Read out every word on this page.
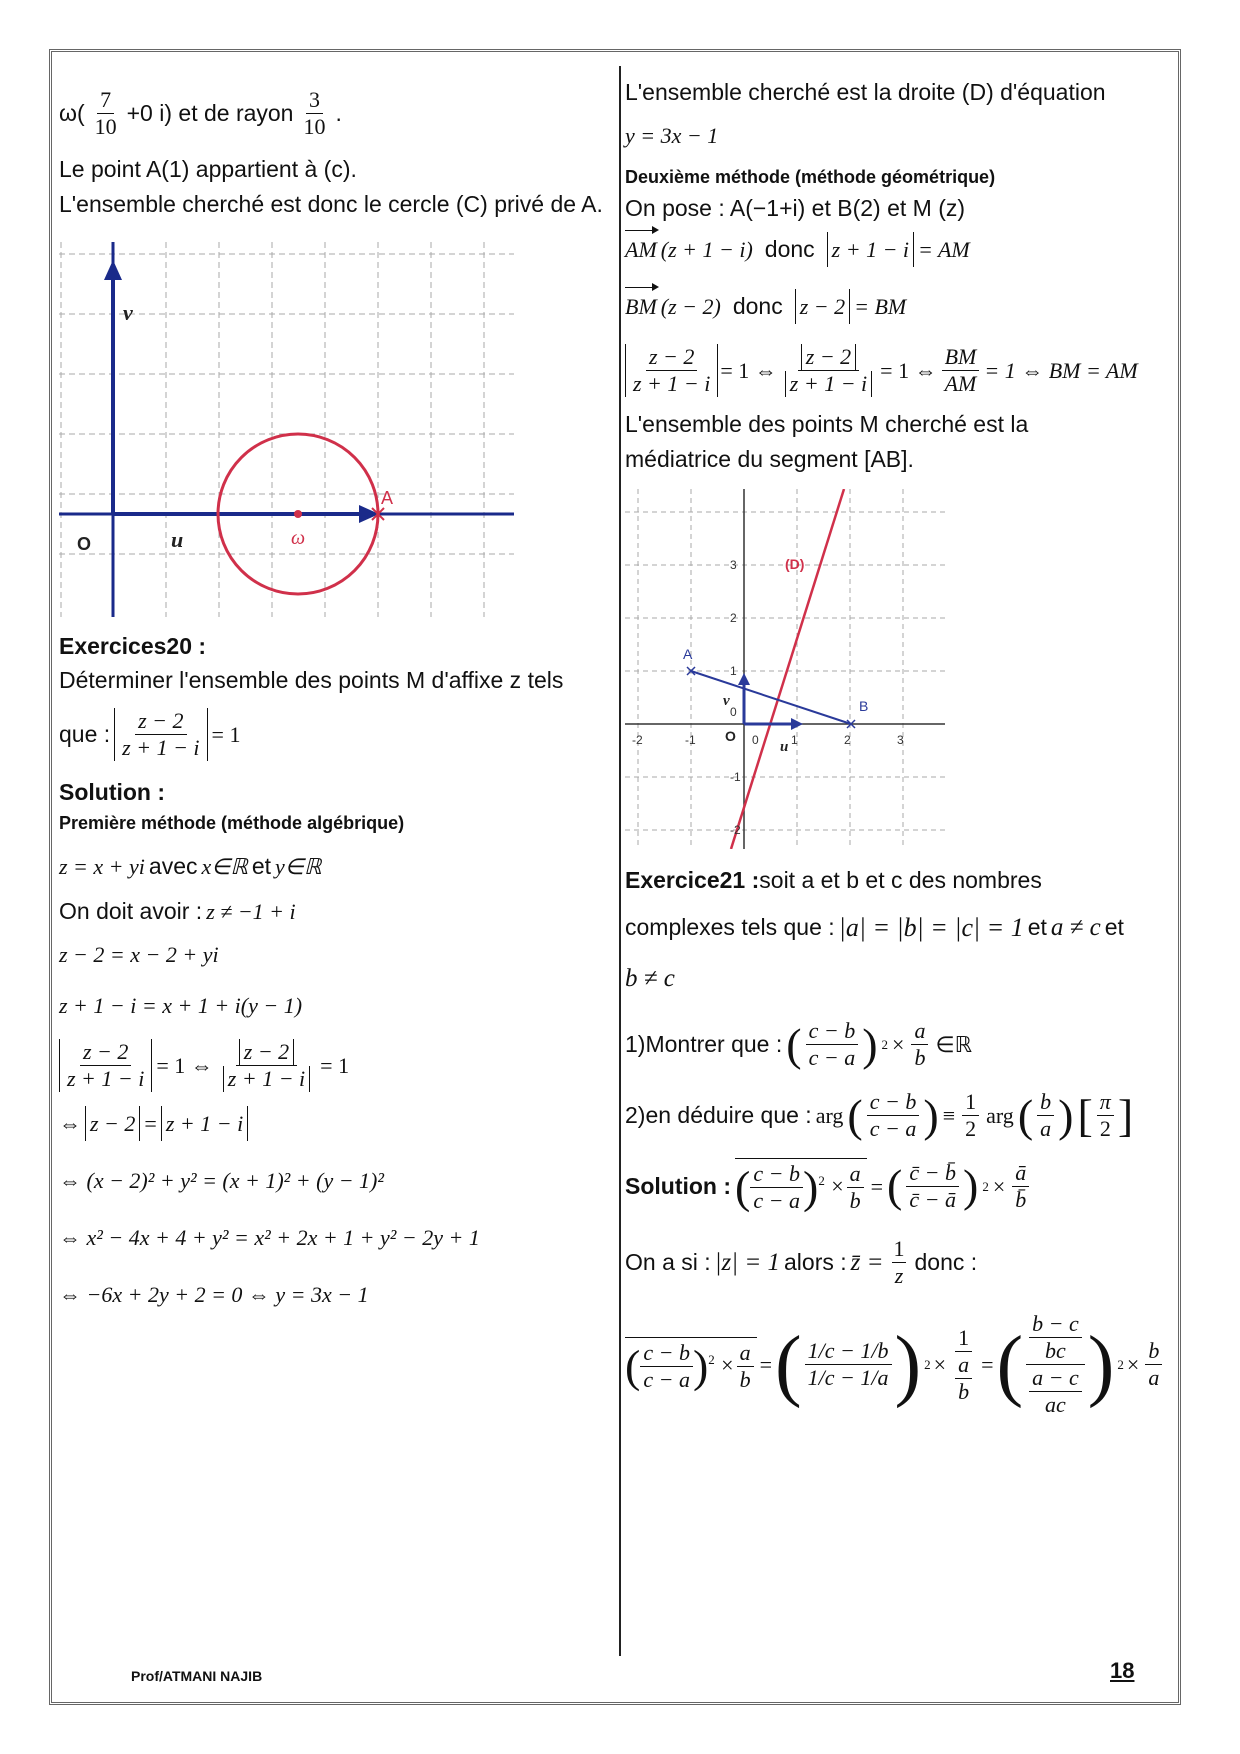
$\omega( \frac{7}{10} +0$ i) et de rayon $\frac{3}{10}$ .

Le point A(1) appartient à (c).

L'ensemble cherché est donc le cercle (C) privé de A.

v
u
O	ω
A

Exercices20 :

Déterminer l'ensemble des points M d'affixe z tels

que : $\frac{z - 2}{z + 1 - i} = 1$

Solution :

Première méthode (méthode algébrique)

z = x + yi avec x∈ℝ et y∈ℝ
On doit avoir : z ≠ −1 + i

z − 2 = x − 2 + yi

z + 1 − i = x + 1 + i(y − 1)

$\frac{z - 2}{z + 1 - i} = 1$ ⇔ $\frac{z - 2}{z + 1 - i} = 1$
⇔ z − 2 = z + 1 − i

⇔ (x − 2)² + y² = (x + 1)² + (y − 1)²

⇔ x² − 4x + 4 + y² = x² + 2x + 1 + y² − 2y + 1

⇔ −6x + 2y + 2 = 0 ⇔ y = 3x − 1

L'ensemble cherché est la droite (D) d'équation

y = 3x − 1

Deuxième méthode (méthode géométrique)

On pose : A(−1+i) et B(2) et M (z)

AM (z + 1 − i) donc z + 1 − i = AM
BM (z − 2) donc z − 2 = BM
$\frac{z - 2}{z + 1 - i} = 1$ ⇔ $\frac{z - 2}{z + 1 - i} = 1$ ⇔ $\frac{BM}{AM} = 1$ ⇔ BM = AM

L'ensemble des points M cherché est la

médiatrice du segment [AB].

(D)
A
B
O
v
u
-2	-1	1	2	3
0
3
2
1
0
-1
-2
Exercice21 :soit a et b et c des nombres
complexes tels que : |a| = |b| = |c| = 1 et a ≠ c et

b ≠ c

1)Montrer que : ( $\frac{c - b}{c - a}$ ) $2 \times \frac{a}{b}$ ∈ℝ
2)en déduire que : arg ( $\frac{c - b}{c - a}$ ) ≡ $\frac{1}{2}$ arg ( $\frac{b}{a}$ ) [ $\frac{\pi}{2}$ ]
Solution : ( $\frac{c - b}{c - a} )^2 \times \frac{a}{b}$ = ( $\frac{c̄ - b̄}{c̄ - ā}$ ) $2 \times \frac{ā}{b̄}$
On a si : |z| = 1 alors : z̄ = $\frac{1}{z}$ donc :
( $\frac{c - b}{c - a} )^2 \times \frac{a}{b}$ = ( $\frac{1/c - 1/b}{1/c - 1/a}$ ) $2 \times \frac{1}{\frac{a}{b}}$ = ( $\frac{\frac{b - c}{bc}}{\frac{a - c}{ac}}$ ) $2 \times \frac{b}{a}$
Prof/ATMANI NAJIB	18
